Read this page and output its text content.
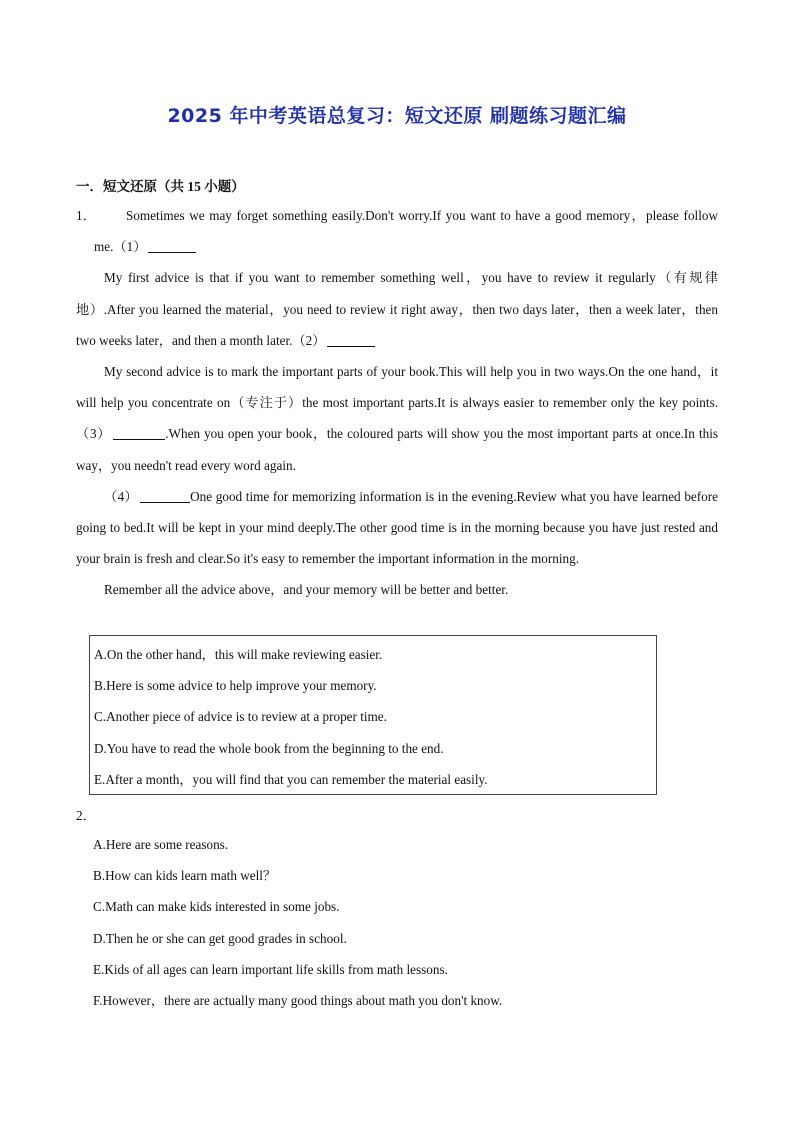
2025 年中考英语总复习：短文还原 刷题练习题汇编
一．短文还原（共 15 小题）

1． Sometimes we may forget something easily.Don't worry.If you want to have a good memory，please follow me.（1）

My first advice is that if you want to remember something well，you have to review it regularly（有规律地）.After you learned the material，you need to review it right away，then two days later，then a week later，then two weeks later，and then a month later.（2）

My second advice is to mark the important parts of your book.This will help you in two ways.On the one hand，it will help you concentrate on（专注于）the most important parts.It is always easier to remember only the key points.（3）	.When you open your book，the coloured parts will show you the most important parts at once.In this way，you needn't read every word again.

（4）	One good time for memorizing information is in the evening.Review what you have learned before going to bed.It will be kept in your mind deeply.The other good time is in the morning because you have just rested and your brain is fresh and clear.So it's easy to remember the important information in the morning.

Remember all the advice above，and your memory will be better and better.

A.On the other hand，this will make reviewing easier.
B.Here is some advice to help improve your memory.
C.Another piece of advice is to review at a proper time.
D.You have to read the whole book from the beginning to the end.
E.After a month，you will find that you can remember the material easily.
2．
A.Here are some reasons.
B.How can kids learn math well？
C.Math can make kids interested in some jobs.
D.Then he or she can get good grades in school.
E.Kids of all ages can learn important life skills from math lessons.
F.However，there are actually many good things about math you don't know.
